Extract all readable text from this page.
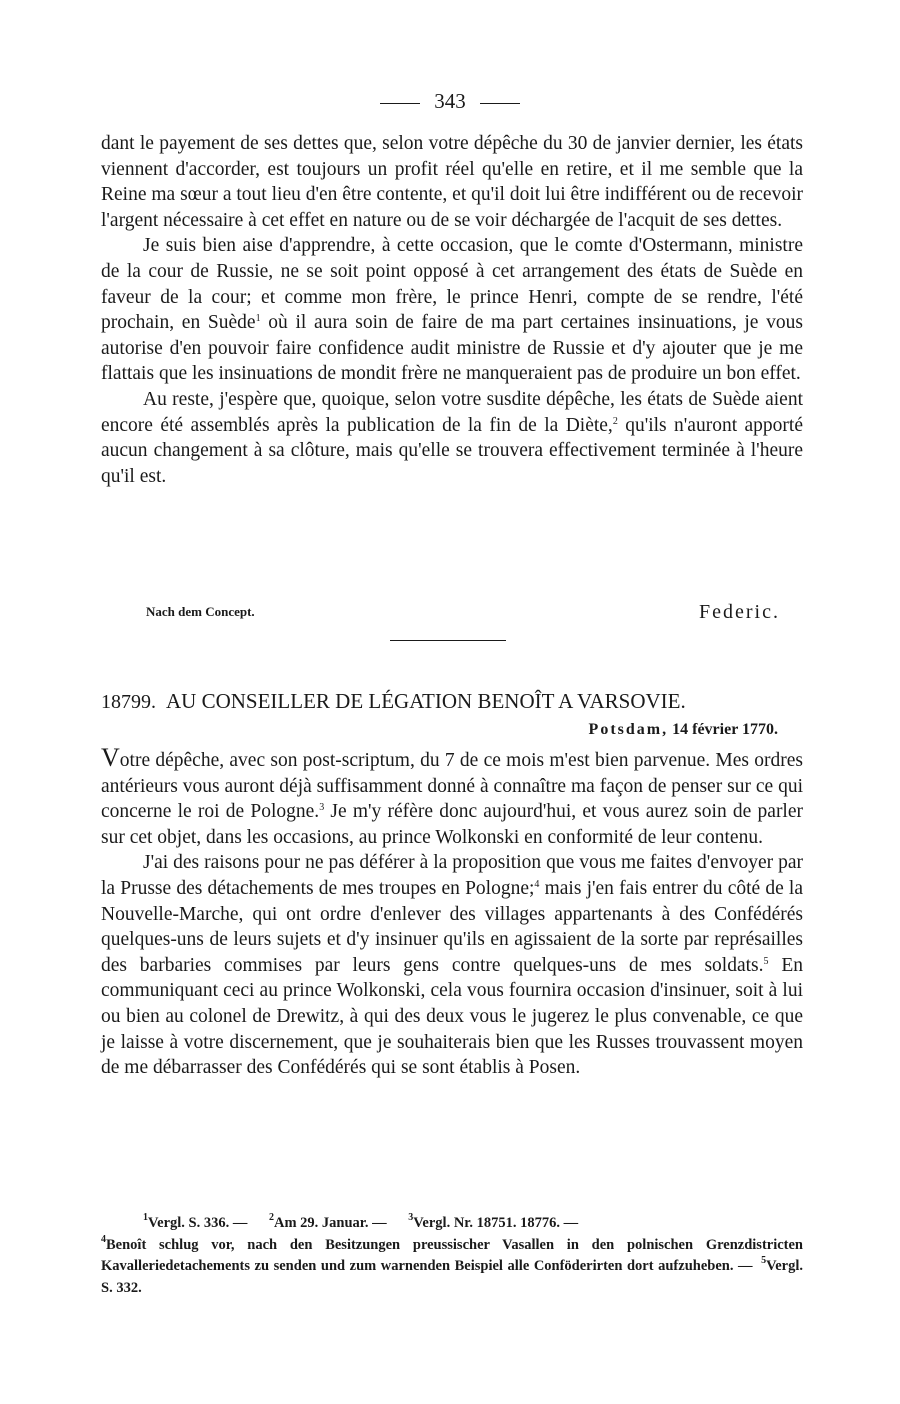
343

dant le payement de ses dettes que, selon votre dépêche du 30 de janvier dernier, les états viennent d'accorder, est toujours un profit réel qu'elle en retire, et il me semble que la Reine ma sœur a tout lieu d'en être contente, et qu'il doit lui être indifférent ou de recevoir l'argent nécessaire à cet effet en nature ou de se voir déchargée de l'acquit de ses dettes.

Je suis bien aise d'apprendre, à cette occasion, que le comte d'Ostermann, ministre de la cour de Russie, ne se soit point opposé à cet arrangement des états de Suède en faveur de la cour; et comme mon frère, le prince Henri, compte de se rendre, l'été prochain, en Suède$^1$ où il aura soin de faire de ma part certaines insinuations, je vous autorise d'en pouvoir faire confidence audit ministre de Russie et d'y ajouter que je me flattais que les insinuations de mondit frère ne manqueraient pas de produire un bon effet.

Au reste, j'espère que, quoique, selon votre susdite dépêche, les états de Suède aient encore été assemblés après la publication de la fin de la Diète,$^2$ qu'ils n'auront apporté aucun changement à sa clôture, mais qu'elle se trouvera effectivement terminée à l'heure qu'il est.

Nach dem Concept.	Federic.
18799. AU CONSEILLER DE LÉGATION BENOÎT A VARSOVIE.
Potsdam, 14 février 1770.

Votre dépêche, avec son post-scriptum, du 7 de ce mois m'est bien parvenue. Mes ordres antérieurs vous auront déjà suffisamment donné à connaître ma façon de penser sur ce qui concerne le roi de Pologne.$^3$ Je m'y réfère donc aujourd'hui, et vous aurez soin de parler sur cet objet, dans les occasions, au prince Wolkonski en conformité de leur contenu.

J'ai des raisons pour ne pas déférer à la proposition que vous me faites d'envoyer par la Prusse des détachements de mes troupes en Pologne;$^4$ mais j'en fais entrer du côté de la Nouvelle-Marche, qui ont ordre d'enlever des villages appartenants à des Confédérés quelques-uns de leurs sujets et d'y insinuer qu'ils en agissaient de la sorte par représailles des barbaries commises par leurs gens contre quelques-uns de mes soldats.$^5$ En communiquant ceci au prince Wolkonski, cela vous fournira occasion d'insinuer, soit à lui ou bien au colonel de Drewitz, à qui des deux vous le jugerez le plus convenable, ce que je laisse à votre discernement, que je souhaiterais bien que les Russes trouvassent moyen de me débarrasser des Confédérés qui se sont établis à Posen.

$^1$Vergl. S. 336. — $^2$Am 29. Januar. — $^3$Vergl. Nr. 18751. 18776. —

$^4$Benoît schlug vor, nach den Besitzungen preussischer Vasallen in den polnischen Grenzdistricten Kavalleriedetachements zu senden und zum warnenden Beispiel alle Conföderirten dort aufzuheben. — $^5$Vergl. S. 332.
